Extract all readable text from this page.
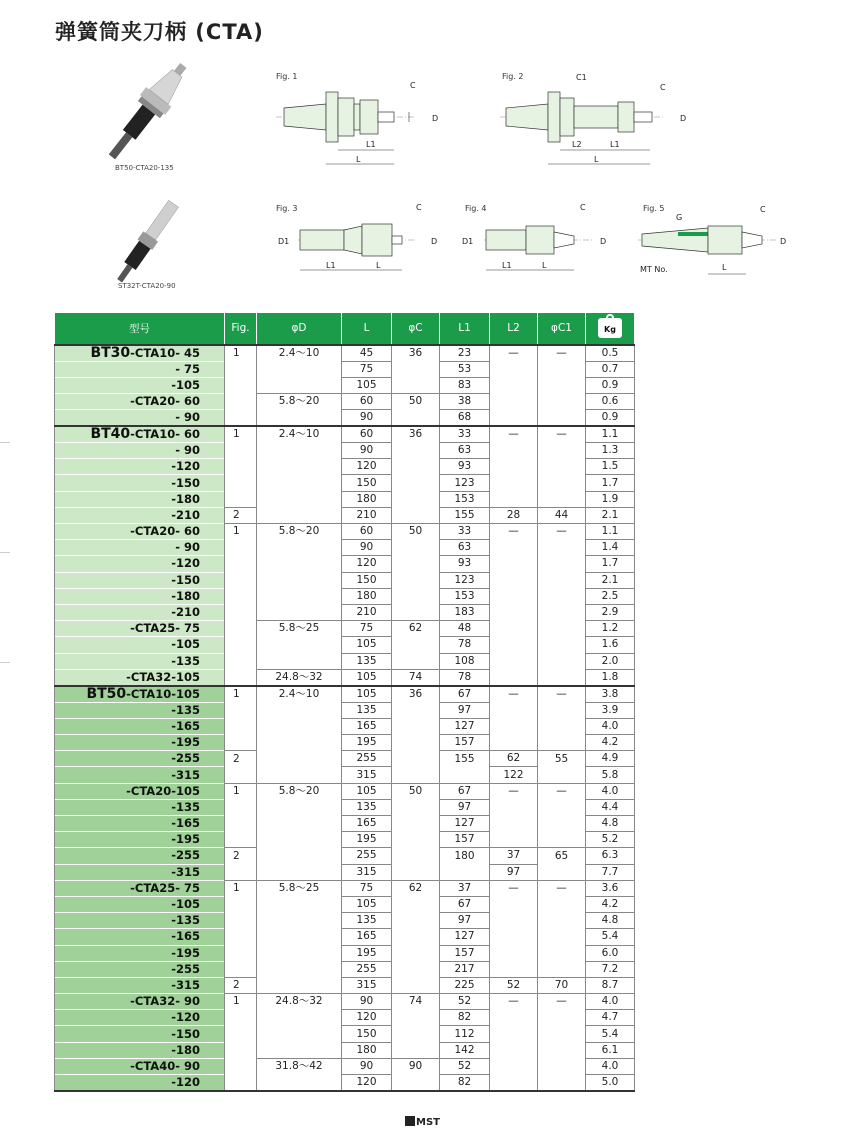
弹簧筒夹刀柄 (CTA)
BT50-CTA20-135
ST32T-CTA20-90
Fig. 1
C
D
L1
L
Fig. 2	C1
C
D
L2	L1
L
Fig. 3
D1
C
D
L1	L
Fig. 4
D1
C
D
L1	L
Fig. 5
G
C
D
MT No.	L
型号	Fig.	φD	L	φC	L1	L2	φC1	Kg

BT30-CTA10- 45	1	2.4～10	45	36	23	—	—	0.5
- 75			75		53			0.7
-105			105		83			0.9
-CTA20- 60		5.8～20	60	50	38			0.6
- 90			90		68			0.9
BT40-CTA10- 60	1	2.4～10	60	36	33	—	—	1.1
- 90			90		63			1.3
-120			120		93			1.5
-150			150		123			1.7
-180			180		153			1.9
-210	2		210		155	28	44	2.1
-CTA20- 60	1	5.8～20	60	50	33	—	—	1.1
- 90			90		63			1.4
-120			120		93			1.7
-150			150		123			2.1
-180			180		153			2.5
-210			210		183			2.9
-CTA25- 75		5.8～25	75	62	48			1.2
-105			105		78			1.6
-135			135		108			2.0
-CTA32-105		24.8～32	105	74	78			1.8
BT50-CTA10-105	1	2.4～10	105	36	67	—	—	3.8
-135			135		97			3.9
-165			165		127			4.0
-195			195		157			4.2
-255	2		255		155	62	55	4.9
-315			315			122		5.8
-CTA20-105	1	5.8～20	105	50	67	—	—	4.0
-135			135		97			4.4
-165			165		127			4.8
-195			195		157			5.2
-255	2		255		180	37	65	6.3
-315			315			97		7.7
-CTA25- 75	1	5.8～25	75	62	37	—	—	3.6
-105			105		67			4.2
-135			135		97			4.8
-165			165		127			5.4
-195			195		157			6.0
-255			255		217			7.2
-315	2		315		225	52	70	8.7
-CTA32- 90	1	24.8～32	90	74	52	—	—	4.0
-120			120		82			4.7
-150			150		112			5.4
-180			180		142			6.1
-CTA40- 90		31.8～42	90	90	52			4.0
-120			120		82			5.0
MST
